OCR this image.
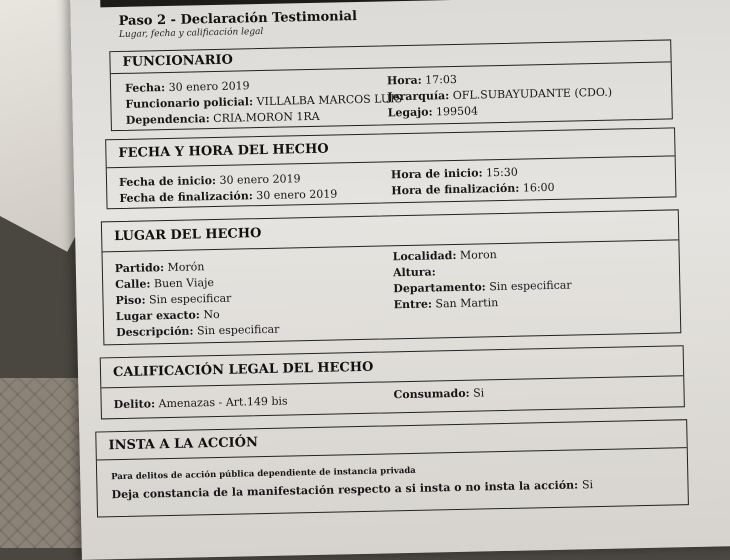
Paso 2 - Declaración Testimonial
Lugar, fecha y calificación legal
FUNCIONARIO
Fecha: 30 enero 2019
Funcionario policial: VILLALBA MARCOS LUIS
Dependencia: CRIA.MORON 1RA
Hora: 17:03
Jerarquía: OFL.SUBAYUDANTE (CDO.)
Legajo: 199504
FECHA Y HORA DEL HECHO
Fecha de inicio: 30 enero 2019
Fecha de finalización: 30 enero 2019
Hora de inicio: 15:30
Hora de finalización: 16:00
LUGAR DEL HECHO
Partido: Morón
Calle: Buen Viaje
Piso: Sin especificar
Lugar exacto: No
Descripción: Sin especificar
Localidad: Moron
Altura:
Departamento: Sin especificar
Entre: San Martin
CALIFICACIÓN LEGAL DEL HECHO
Delito: Amenazas - Art.149 bis
Consumado: Si
INSTA A LA ACCIÓN
Para delitos de acción pública dependiente de instancia privada
Deja constancia de la manifestación respecto a si insta o no insta la acción: Si
